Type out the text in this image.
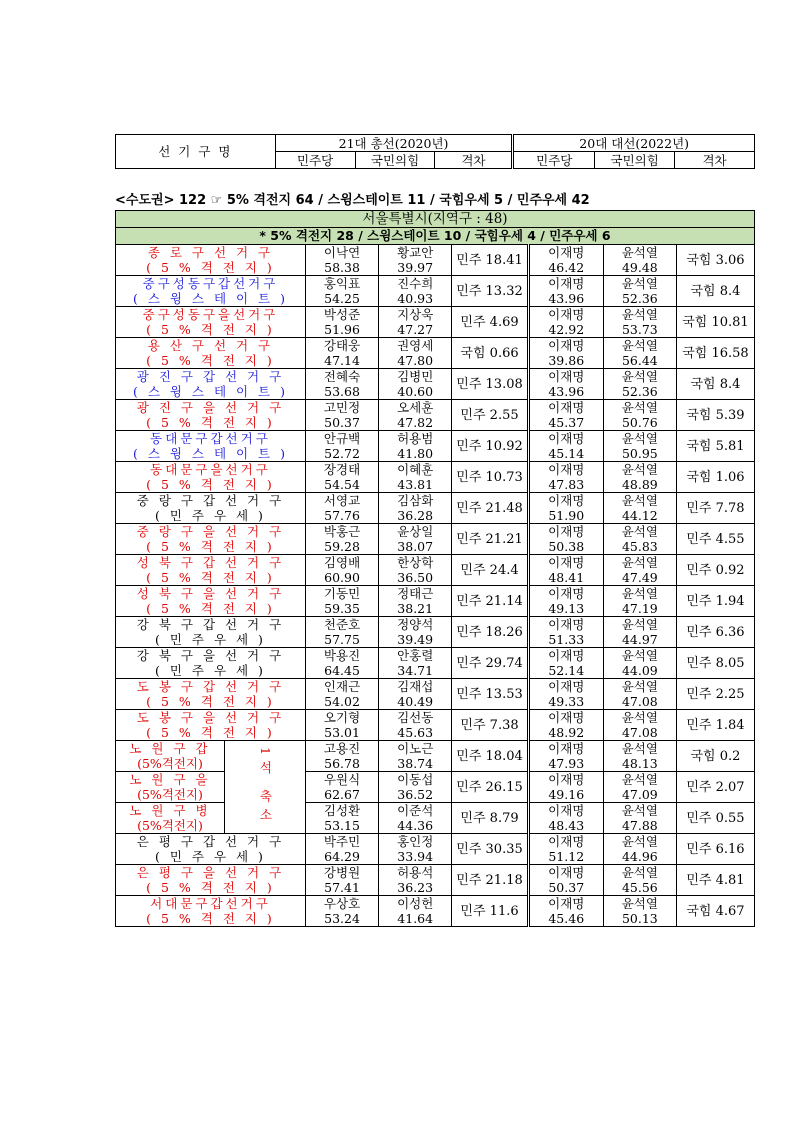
선 기 구 명	21대 총선(2020년)			20대 대선(2022년)		
	민주당	국민의힘	격차	민주당	국민의힘	격차
<수도권> 122 ☞ 5% 격전지 64 / 스윙스테이트 11 / 국힘우세 5 / 민주우세 42
서울특별시(지역구 : 48)							
* 5% 격전지 28 / 스윙스테이트 10 / 국힘우세 4 / 민주우세 6							
종 로 구 선 거 구		이낙연	황교안	민주 18.41	이재명	윤석열	국힘 3.06
( 5 % 격 전 지 )		58.38	39.97		46.42	49.48	
중구성동구갑선거구		홍익표	진수희	민주 13.32	이재명	윤석열	국힘 8.4
( 스 윙 스 테 이 트 )		54.25	40.93		43.96	52.36	
중구성동구을선거구		박성준	지상욱	민주 4.69	이재명	윤석열	국힘 10.81
( 5 % 격 전 지 )		51.96	47.27		42.92	53.73	
용 산 구 선 거 구		강태웅	권영세	국힘 0.66	이재명	윤석열	국힘 16.58
( 5 % 격 전 지 )		47.14	47.80		39.86	56.44	
광 진 구 갑 선 거 구		전혜숙	김병민	민주 13.08	이재명	윤석열	국힘 8.4
( 스 윙 스 테 이 트 )		53.68	40.60		43.96	52.36	
광 진 구 을 선 거 구		고민정	오세훈	민주 2.55	이재명	윤석열	국힘 5.39
( 5 % 격 전 지 )		50.37	47.82		45.37	50.76	
동대문구갑선거구		안규백	허용범	민주 10.92	이재명	윤석열	국힘 5.81
( 스 윙 스 테 이 트 )		52.72	41.80		45.14	50.95	
동대문구을선거구		장경태	이혜훈	민주 10.73	이재명	윤석열	국힘 1.06
( 5 % 격 전 지 )		54.54	43.81		47.83	48.89	
중 랑 구 갑 선 거 구		서영교	김삼화	민주 21.48	이재명	윤석열	민주 7.78
( 민 주 우 세 )		57.76	36.28		51.90	44.12	
중 랑 구 을 선 거 구		박홍근	윤상일	민주 21.21	이재명	윤석열	민주 4.55
( 5 % 격 전 지 )		59.28	38.07		50.38	45.83	
성 북 구 갑 선 거 구		김영배	한상학	민주 24.4	이재명	윤석열	민주 0.92
( 5 % 격 전 지 )		60.90	36.50		48.41	47.49	
성 북 구 을 선 거 구		기동민	정태근	민주 21.14	이재명	윤석열	민주 1.94
( 5 % 격 전 지 )		59.35	38.21		49.13	47.19	
강 북 구 갑 선 거 구		천준호	정양석	민주 18.26	이재명	윤석열	민주 6.36
( 민 주 우 세 )		57.75	39.49		51.33	44.97	
강 북 구 을 선 거 구		박용진	안홍렬	민주 29.74	이재명	윤석열	민주 8.05
( 민 주 우 세 )		64.45	34.71		52.14	44.09	
도 봉 구 갑 선 거 구		인재근	김재섭	민주 13.53	이재명	윤석열	민주 2.25
( 5 % 격 전 지 )		54.02	40.49		49.33	47.08	
도 봉 구 을 선 거 구		오기형	김선동	민주 7.38	이재명	윤석열	민주 1.84
( 5 % 격 전 지 )		53.01	45.63		48.92	47.08	
노 원 구 갑	1석 축소	고용진	이노근	민주 18.04	이재명	윤석열	국힘 0.2
(5%격전지)		56.78	38.74		47.93	48.13	
노 원 구 을		우원식	이동섭	민주 26.15	이재명	윤석열	민주 2.07
(5%격전지)		62.67	36.52		49.16	47.09	
노 원 구 병		김성환	이준석	민주 8.79	이재명	윤석열	민주 0.55
(5%격전지)		53.15	44.36		48.43	47.88	
은 평 구 갑 선 거 구		박주민	홍인정	민주 30.35	이재명	윤석열	민주 6.16
( 민 주 우 세 )		64.29	33.94		51.12	44.96	
은 평 구 을 선 거 구		강병원	허용석	민주 21.18	이재명	윤석열	민주 4.81
( 5 % 격 전 지 )		57.41	36.23		50.37	45.56	
서대문구갑선거구		우상호	이성헌	민주 11.6	이재명	윤석열	국힘 4.67
( 5 % 격 전 지 )		53.24	41.64		45.46	50.13	
